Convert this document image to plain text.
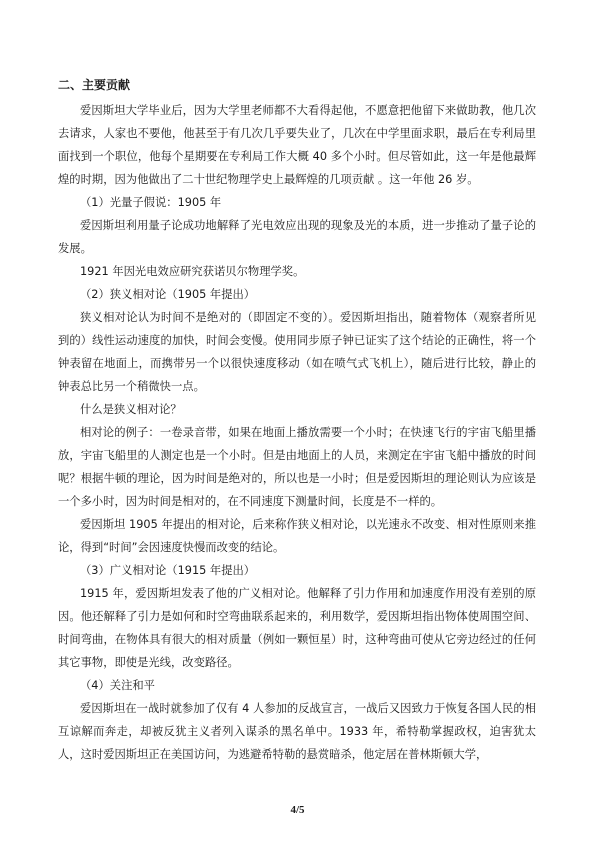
二、主要贡献

爱因斯坦大学毕业后，因为大学里老师都不大看得起他，不愿意把他留下来做助教，他几次去请求，人家也不要他，他甚至于有几次几乎要失业了，几次在中学里面求职，最后在专利局里面找到一个职位，他每个星期要在专利局工作大概 40 多个小时。但尽管如此，这一年是他最辉煌的时期，因为他做出了二十世纪物理学史上最辉煌的几项贡献 。这一年他 26 岁。

（1）光量子假说：1905 年

爱因斯坦利用量子论成功地解释了光电效应出现的现象及光的本质，进一步推动了量子论的发展。

1921 年因光电效应研究获诺贝尔物理学奖。

（2）狭义相对论（1905 年提出）

狭义相对论认为时间不是绝对的（即固定不变的）。爱因斯坦指出，随着物体（观察者所见到的）线性运动速度的加快，时间会变慢。使用同步原子钟已证实了这个结论的正确性，将一个钟表留在地面上，而携带另一个以很快速度移动（如在喷气式飞机上），随后进行比较，静止的钟表总比另一个稍微快一点。

什么是狭义相对论？

相对论的例子：一卷录音带，如果在地面上播放需要一个小时；在快速飞行的宇宙飞船里播放，宇宙飞船里的人测定也是一个小时。但是由地面上的人员，来测定在宇宙飞船中播放的时间呢？根据牛顿的理论，因为时间是绝对的，所以也是一小时；但是爱因斯坦的理论则认为应该是一个多小时，因为时间是相对的，在不同速度下测量时间，长度是不一样的。

爱因斯坦 1905 年提出的相对论，后来称作狭义相对论，以光速永不改变、相对性原则来推论，得到“时间”会因速度快慢而改变的结论。

（3）广义相对论（1915 年提出）

1915 年，爱因斯坦发表了他的广义相对论。他解释了引力作用和加速度作用没有差别的原因。他还解释了引力是如何和时空弯曲联系起来的，利用数学，爱因斯坦指出物体使周围空间、时间弯曲，在物体具有很大的相对质量（例如一颗恒星）时，这种弯曲可使从它旁边经过的任何其它事物，即使是光线，改变路径。

（4）关注和平

爱因斯坦在一战时就参加了仅有 4 人参加的反战宣言，一战后又因致力于恢复各国人民的相互谅解而奔走，却被反犹主义者列入谋杀的黑名单中。1933 年，希特勒掌握政权，迫害犹太人，这时爱因斯坦正在美国访问，为逃避希特勒的悬赏暗杀，他定居在普林斯顿大学，

4/5
